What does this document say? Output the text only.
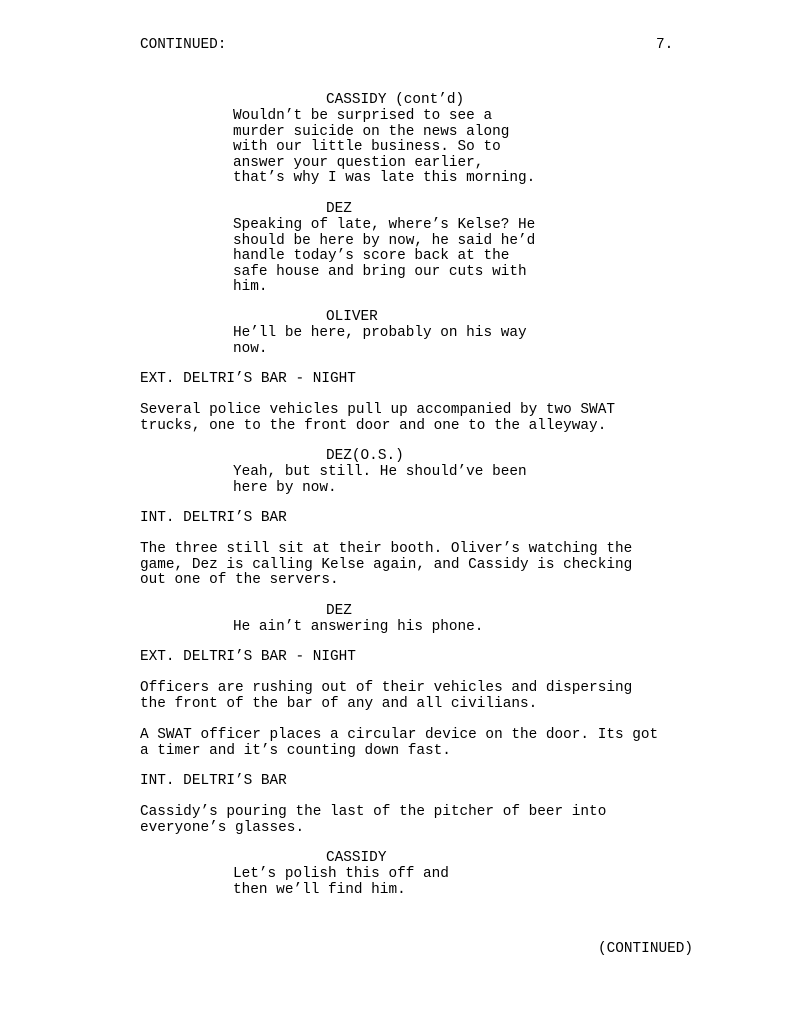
CONTINUED:	7.
CASSIDY (cont’d)
Wouldn’t be surprised to see a
murder suicide on the news along
with our little business. So to
answer your question earlier,
that’s why I was late this morning.
DEZ
Speaking of late, where’s Kelse? He
should be here by now, he said he’d
handle today’s score back at the
safe house and bring our cuts with
him.
OLIVER
He’ll be here, probably on his way
now.
EXT. DELTRI’S BAR - NIGHT
Several police vehicles pull up accompanied by two SWAT
trucks, one to the front door and one to the alleyway.
DEZ(O.S.)
Yeah, but still. He should’ve been
here by now.
INT. DELTRI’S BAR
The three still sit at their booth. Oliver’s watching the
game, Dez is calling Kelse again, and Cassidy is checking
out one of the servers.
DEZ
He ain’t answering his phone.
EXT. DELTRI’S BAR - NIGHT
Officers are rushing out of their vehicles and dispersing
the front of the bar of any and all civilians.
A SWAT officer places a circular device on the door. Its got
a timer and it’s counting down fast.
INT. DELTRI’S BAR
Cassidy’s pouring the last of the pitcher of beer into
everyone’s glasses.
CASSIDY
Let’s polish this off and
then we’ll find him.
(CONTINUED)
